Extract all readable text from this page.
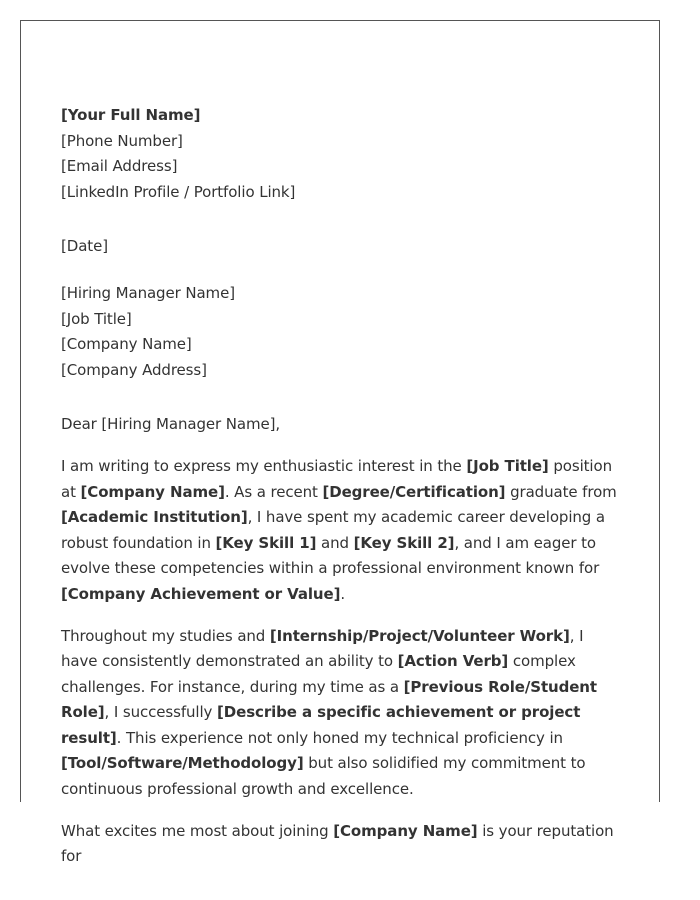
[Your Full Name]
[Phone Number]
[Email Address]
[LinkedIn Profile / Portfolio Link]
[Date]
[Hiring Manager Name]
[Job Title]
[Company Name]
[Company Address]
Dear [Hiring Manager Name],

I am writing to express my enthusiastic interest in the [Job Title] position at [Company Name]. As a recent [Degree/Certification] graduate from [Academic Institution], I have spent my academic career developing a robust foundation in [Key Skill 1] and [Key Skill 2], and I am eager to evolve these competencies within a professional environment known for [Company Achievement or Value].

Throughout my studies and [Internship/Project/Volunteer Work], I have consistently demonstrated an ability to [Action Verb] complex challenges. For instance, during my time as a [Previous Role/Student Role], I successfully [Describe a specific achievement or project result]. This experience not only honed my technical proficiency in [Tool/Software/Methodology] but also solidified my commitment to continuous professional growth and excellence.

What excites me most about joining [Company Name] is your reputation for
